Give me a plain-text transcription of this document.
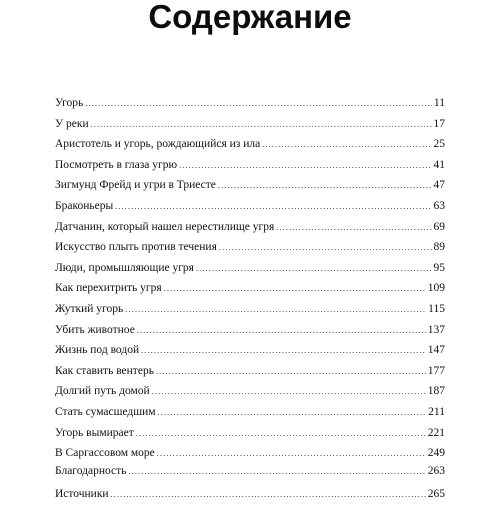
Содержание
Угорь .....	11
У реки .....	17
Аристотель и угорь, рождающийся из ила .....	25
Посмотреть в глаза угрю .....	41
Зигмунд Фрейд и угри в Триесте .....	47
Браконьеры .....	63
Датчанин, который нашел нерестилище угря .....	69
Искусство плыть против течения .....	89
Люди, промышляющие угря .....	95
Как перехитрить угря .....	109
Жуткий угорь .....	115
Убить животное .....	137
Жизнь под водой .....	147
Как ставить вентерь .....	177
Долгий путь домой .....	187
Стать сумасшедшим .....	211
Угорь вымирает .....	221
В Саргассовом море .....	249
Благодарность .....	263
Источники .....	265
